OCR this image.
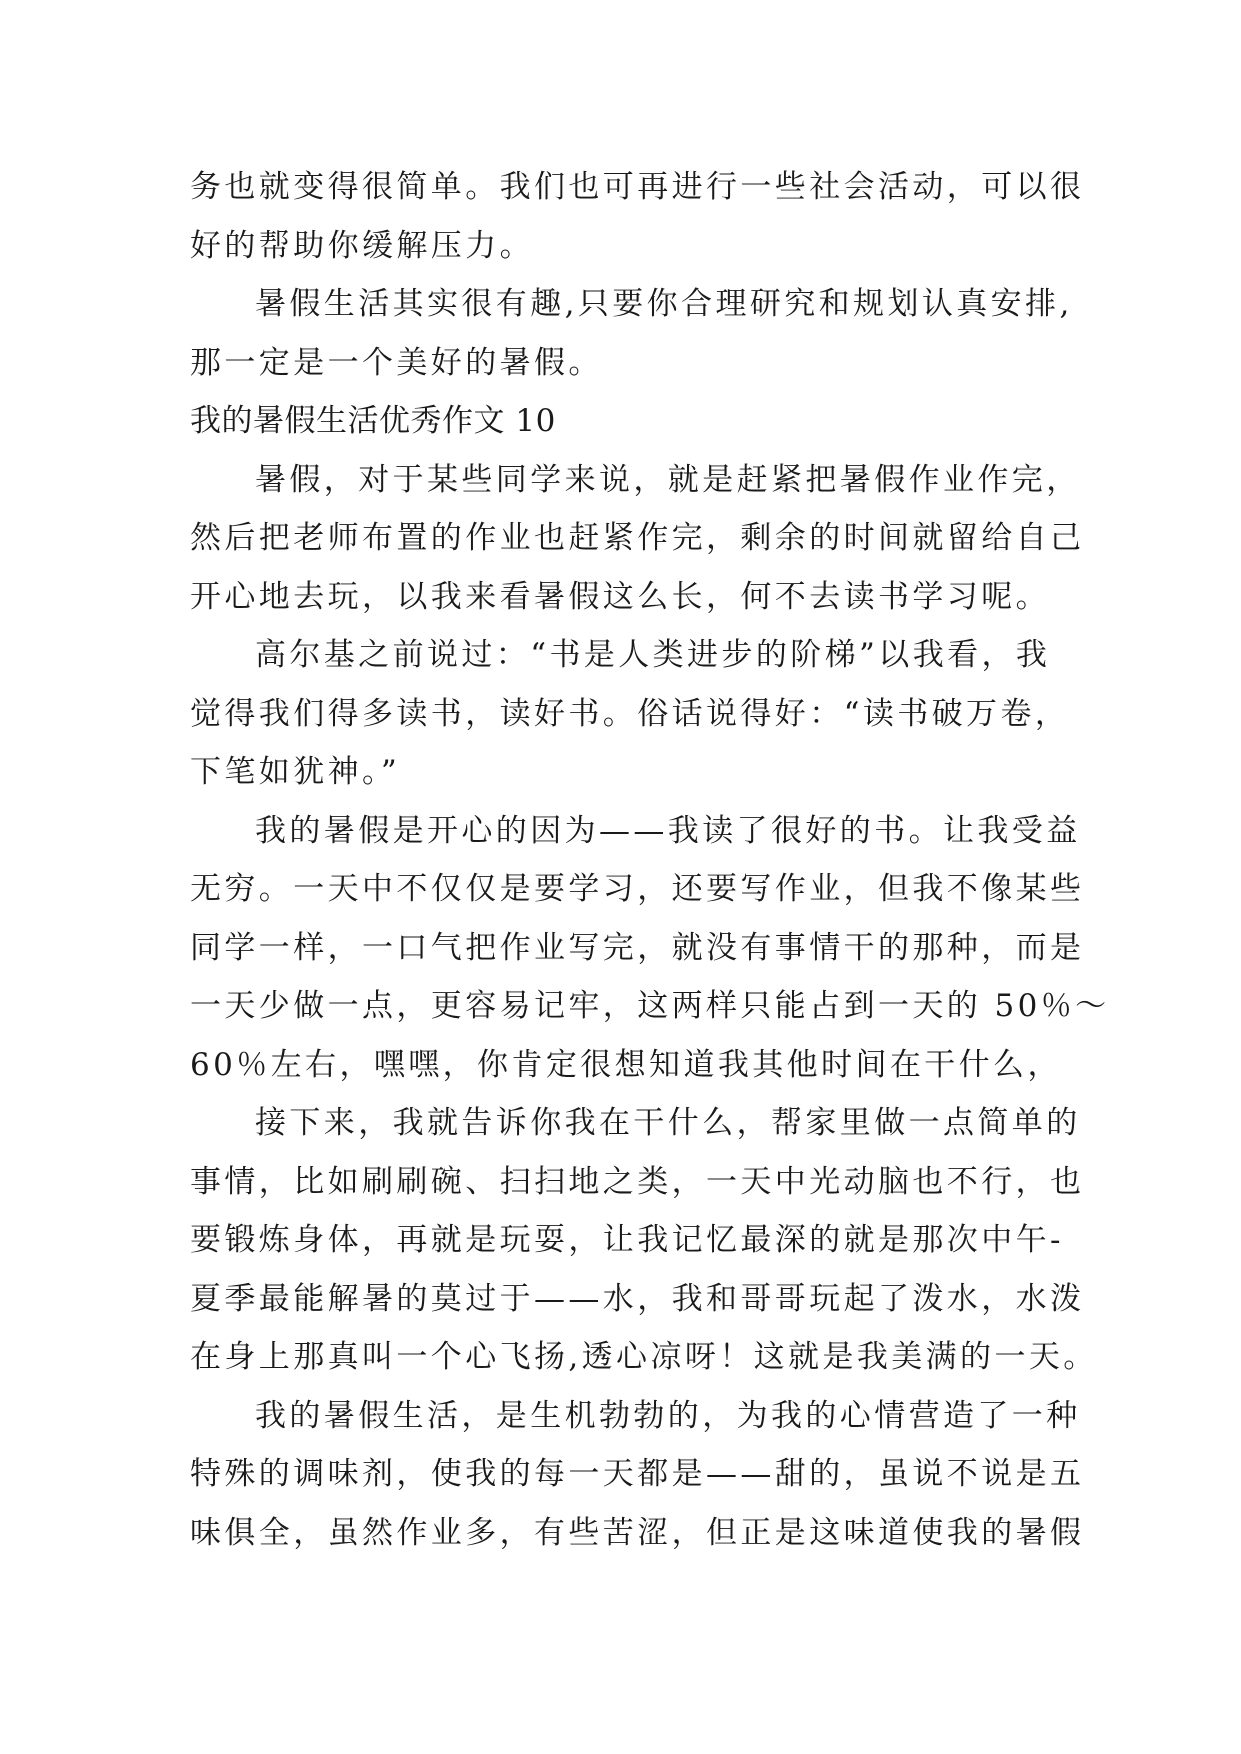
务也就变得很简单。我们也可再进行一些社会活动，可以很
好的帮助你缓解压力。
暑假生活其实很有趣,只要你合理研究和规划认真安排,
那一定是一个美好的暑假。
我的暑假生活优秀作文 10
暑假，对于某些同学来说，就是赶紧把暑假作业作完，
然后把老师布置的作业也赶紧作完，剩余的时间就留给自己
开心地去玩，以我来看暑假这么长，何不去读书学习呢。
高尔基之前说过：“书是人类进步的阶梯”以我看，我
觉得我们得多读书，读好书。俗话说得好：“读书破万卷，
下笔如犹神。”
我的暑假是开心的因为——我读了很好的书。让我受益
无穷。一天中不仅仅是要学习，还要写作业，但我不像某些
同学一样，一口气把作业写完，就没有事情干的那种，而是
一天少做一点，更容易记牢，这两样只能占到一天的 50％～
60％左右，嘿嘿，你肯定很想知道我其他时间在干什么，
接下来，我就告诉你我在干什么，帮家里做一点简单的
事情，比如刷刷碗、扫扫地之类，一天中光动脑也不行，也
要锻炼身体，再就是玩耍，让我记忆最深的就是那次中午-
夏季最能解暑的莫过于——水，我和哥哥玩起了泼水，水泼
在身上那真叫一个心飞扬,透心凉呀！这就是我美满的一天。
我的暑假生活，是生机勃勃的，为我的心情营造了一种
特殊的调味剂，使我的每一天都是——甜的，虽说不说是五
味俱全，虽然作业多，有些苦涩，但正是这味道使我的暑假
